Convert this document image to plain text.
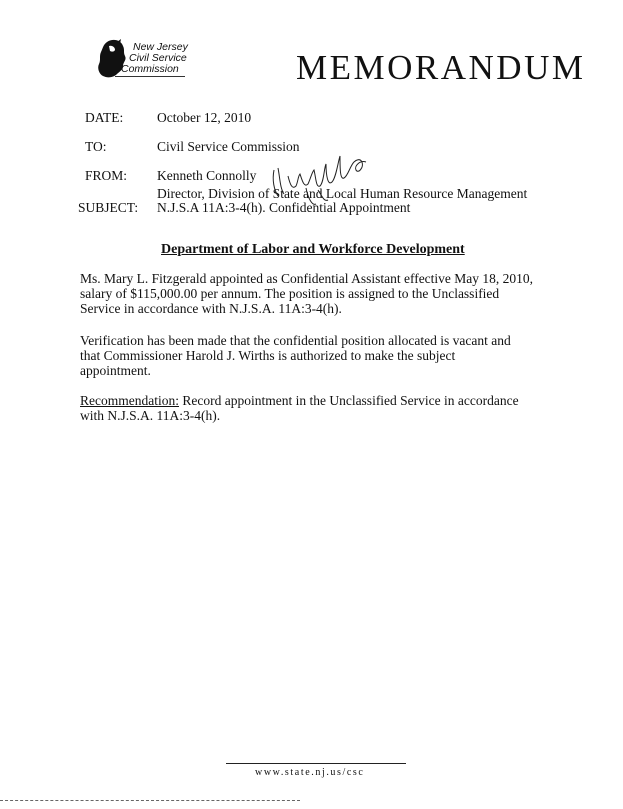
New Jersey
Civil Service
Commission	MEMORANDUM
DATE:	October 12, 2010
TO:	Civil Service Commission
FROM: Kenneth Connolly
Director, Division of State and Local Human Resource Management
SUBJECT: N.J.S.A 11A:3-4(h). Confidential Appointment
Department of Labor and Workforce Development
Ms. Mary L. Fitzgerald appointed as Confidential Assistant effective May 18, 2010,
salary of $115,000.00 per annum. The position is assigned to the Unclassified
Service in accordance with N.J.S.A. 11A:3-4(h).
Verification has been made that the confidential position allocated is vacant and
that Commissioner Harold J. Wirths is authorized to make the subject
appointment.
Recommendation: Record appointment in the Unclassified Service in accordance
with N.J.S.A. 11A:3-4(h).
www.state.nj.us/csc
